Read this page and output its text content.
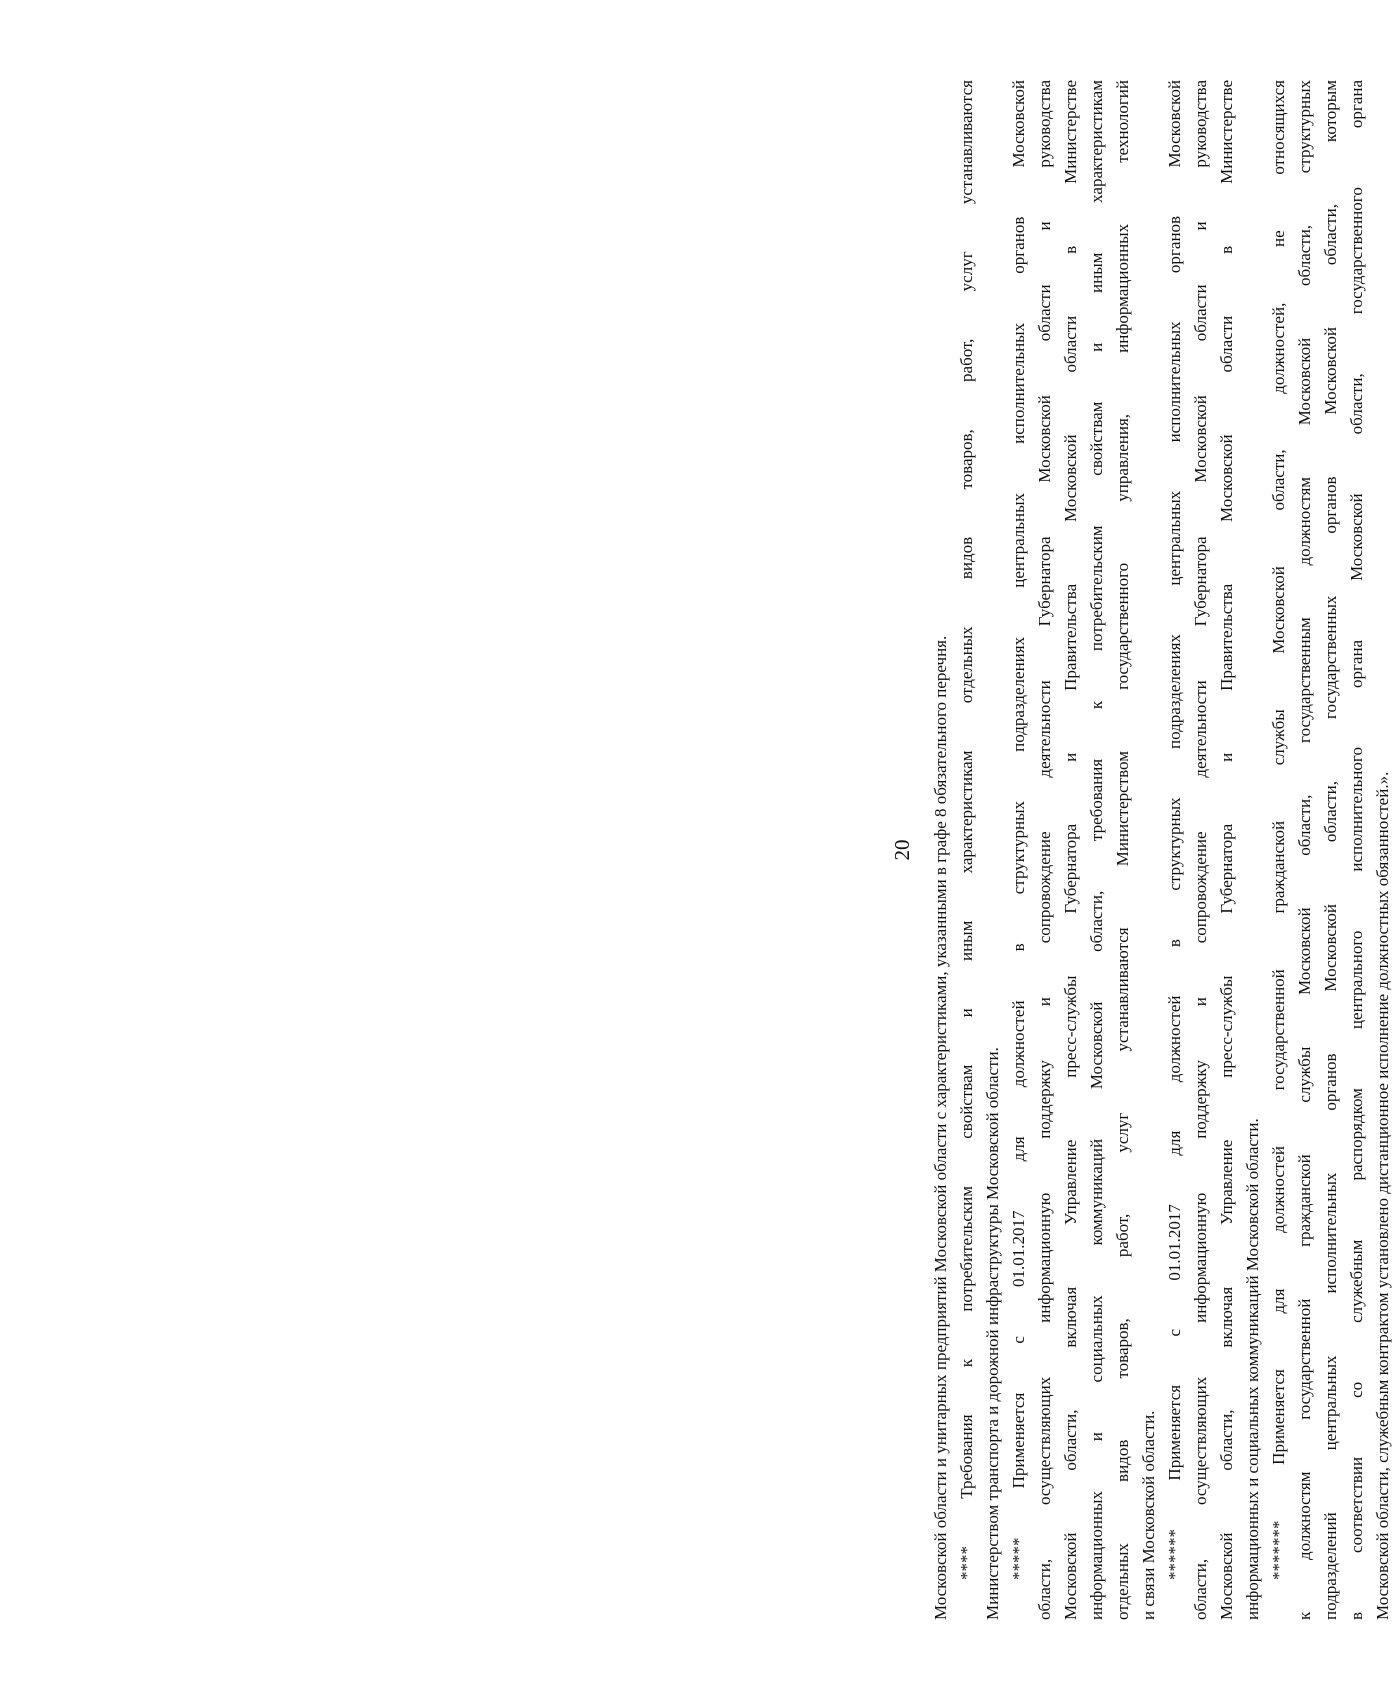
20 Московской области и унитарных предприятий Московской области с характеристиками, указанными в графе 8 обязательного перечня. **** Требования к потребительским свойствам и иным характеристикам отдельных видов товаров, работ, услуг устанавливаются Министерством транспорта и дорожной инфраструктуры Московской области. ***** Применяется с 01.01.2017 для должностей в структурных подразделениях центральных исполнительных органов Московской области, осуществляющих информационную поддержку и сопровождение деятельности Губернатора Московской области и руководства Московской области, включая Управление пресс-службы Губернатора и Правительства Московской области в Министерстве информационных и социальных коммуникаций Московской области, требования к потребительским свойствам и иным характеристикам отдельных видов товаров, работ, услуг устанавливаются Министерством государственного управления, информационных технологий и связи Московской области. ****** Применяется с 01.01.2017 для должностей в структурных подразделениях центральных исполнительных органов Московской области, осуществляющих информационную поддержку и сопровождение деятельности Губернатора Московской области и руководства Московской области, включая Управление пресс-службы Губернатора и Правительства Московской области в Министерстве информационных и социальных коммуникаций Московской области. ******* Применяется для должностей государственной гражданской службы Московской области, должностей, не относящихся к должностям государственной гражданской службы Московской области, государственным должностям Московской области, структурных подразделений центральных исполнительных органов Московской области, государственных органов Московской области, которым в соответствии со служебным распорядком центрального исполнительного органа Московской области, государственного органа Московской области, служебным контрактом установлено дистанционное исполнение должностных обязанностей.».
